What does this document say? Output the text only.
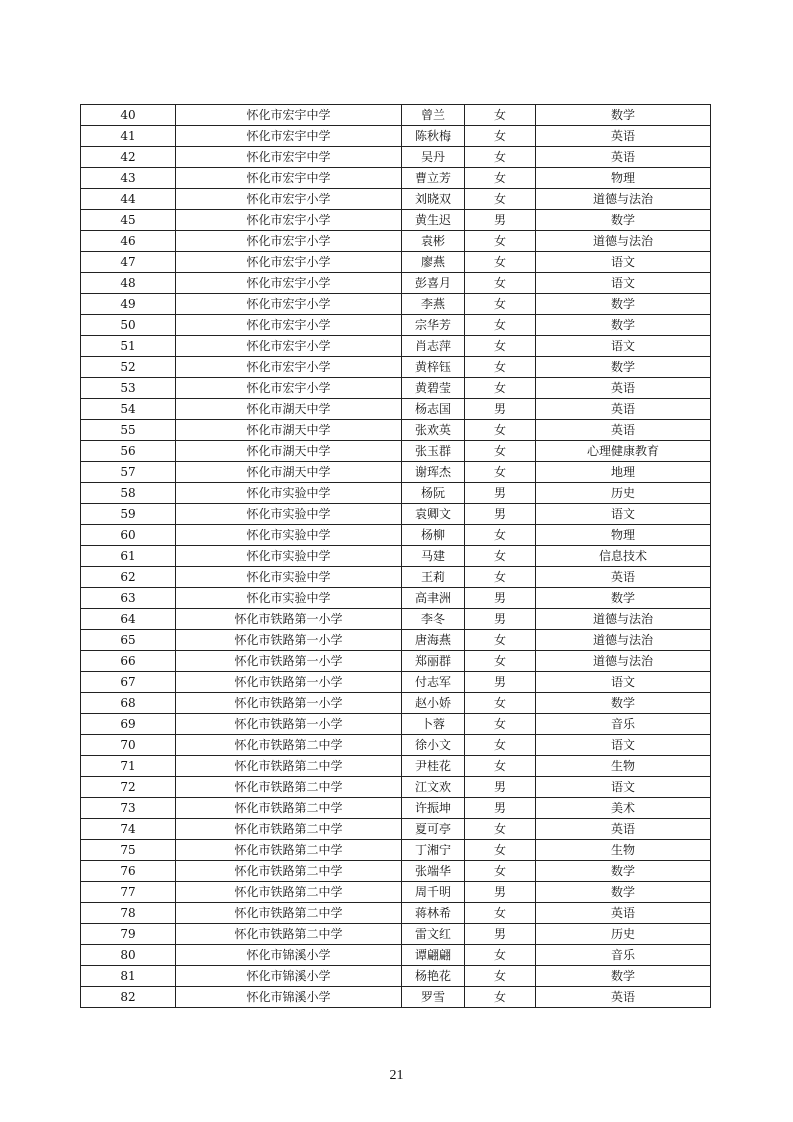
40	怀化市宏宇中学	曾兰	女	数学
41	怀化市宏宇中学	陈秋梅	女	英语
42	怀化市宏宇中学	吴丹	女	英语
43	怀化市宏宇中学	曹立芳	女	物理
44	怀化市宏宇小学	刘晓双	女	道德与法治
45	怀化市宏宇小学	黄生迟	男	数学
46	怀化市宏宇小学	袁彬	女	道德与法治
47	怀化市宏宇小学	廖燕	女	语文
48	怀化市宏宇小学	彭喜月	女	语文
49	怀化市宏宇小学	李燕	女	数学
50	怀化市宏宇小学	宗华芳	女	数学
51	怀化市宏宇小学	肖志萍	女	语文
52	怀化市宏宇小学	黄梓钰	女	数学
53	怀化市宏宇小学	黄碧莹	女	英语
54	怀化市湖天中学	杨志国	男	英语
55	怀化市湖天中学	张欢英	女	英语
56	怀化市湖天中学	张玉群	女	心理健康教育
57	怀化市湖天中学	谢珲杰	女	地理
58	怀化市实验中学	杨阮	男	历史
59	怀化市实验中学	袁卿文	男	语文
60	怀化市实验中学	杨柳	女	物理
61	怀化市实验中学	马建	女	信息技术
62	怀化市实验中学	王莉	女	英语
63	怀化市实验中学	高聿洲	男	数学
64	怀化市铁路第一小学	李冬	男	道德与法治
65	怀化市铁路第一小学	唐海燕	女	道德与法治
66	怀化市铁路第一小学	郑丽群	女	道德与法治
67	怀化市铁路第一小学	付志军	男	语文
68	怀化市铁路第一小学	赵小娇	女	数学
69	怀化市铁路第一小学	卜蓉	女	音乐
70	怀化市铁路第二中学	徐小文	女	语文
71	怀化市铁路第二中学	尹桂花	女	生物
72	怀化市铁路第二中学	江文欢	男	语文
73	怀化市铁路第二中学	许振坤	男	美术
74	怀化市铁路第二中学	夏可亭	女	英语
75	怀化市铁路第二中学	丁湘宁	女	生物
76	怀化市铁路第二中学	张端华	女	数学
77	怀化市铁路第二中学	周千明	男	数学
78	怀化市铁路第二中学	蒋林希	女	英语
79	怀化市铁路第二中学	雷文红	男	历史
80	怀化市锦溪小学	谭翩翩	女	音乐
81	怀化市锦溪小学	杨艳花	女	数学
82	怀化市锦溪小学	罗雪	女	英语
21
